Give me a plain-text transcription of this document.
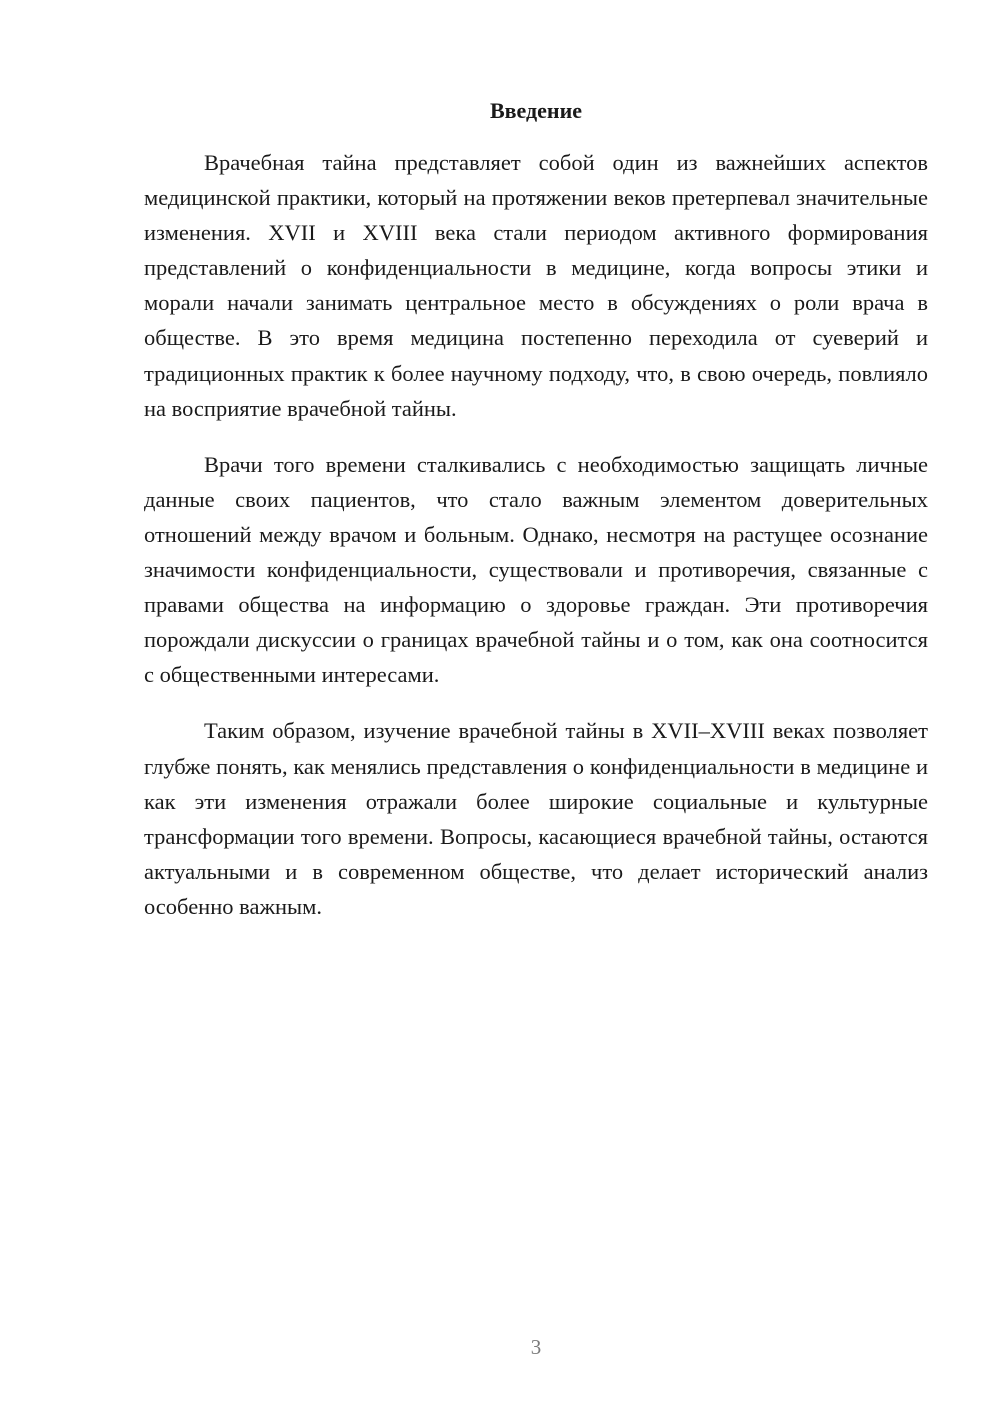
Введение

Врачебная тайна представляет собой один из важнейших аспектов медицинской практики, который на протяжении веков претерпевал значительные изменения. XVII и XVIII века стали периодом активного формирования представлений о конфиденциальности в медицине, когда вопросы этики и морали начали занимать центральное место в обсуждениях о роли врача в обществе. В это время медицина постепенно переходила от суеверий и традиционных практик к более научному подходу, что, в свою очередь, повлияло на восприятие врачебной тайны.

Врачи того времени сталкивались с необходимостью защищать личные данные своих пациентов, что стало важным элементом доверительных отношений между врачом и больным. Однако, несмотря на растущее осознание значимости конфиденциальности, существовали и противоречия, связанные с правами общества на информацию о здоровье граждан. Эти противоречия порождали дискуссии о границах врачебной тайны и о том, как она соотносится с общественными интересами.

Таким образом, изучение врачебной тайны в XVII–XVIII веках позволяет глубже понять, как менялись представления о конфиденциальности в медицине и как эти изменения отражали более широкие социальные и культурные трансформации того времени. Вопросы, касающиеся врачебной тайны, остаются актуальными и в современном обществе, что делает исторический анализ особенно важным.

3
